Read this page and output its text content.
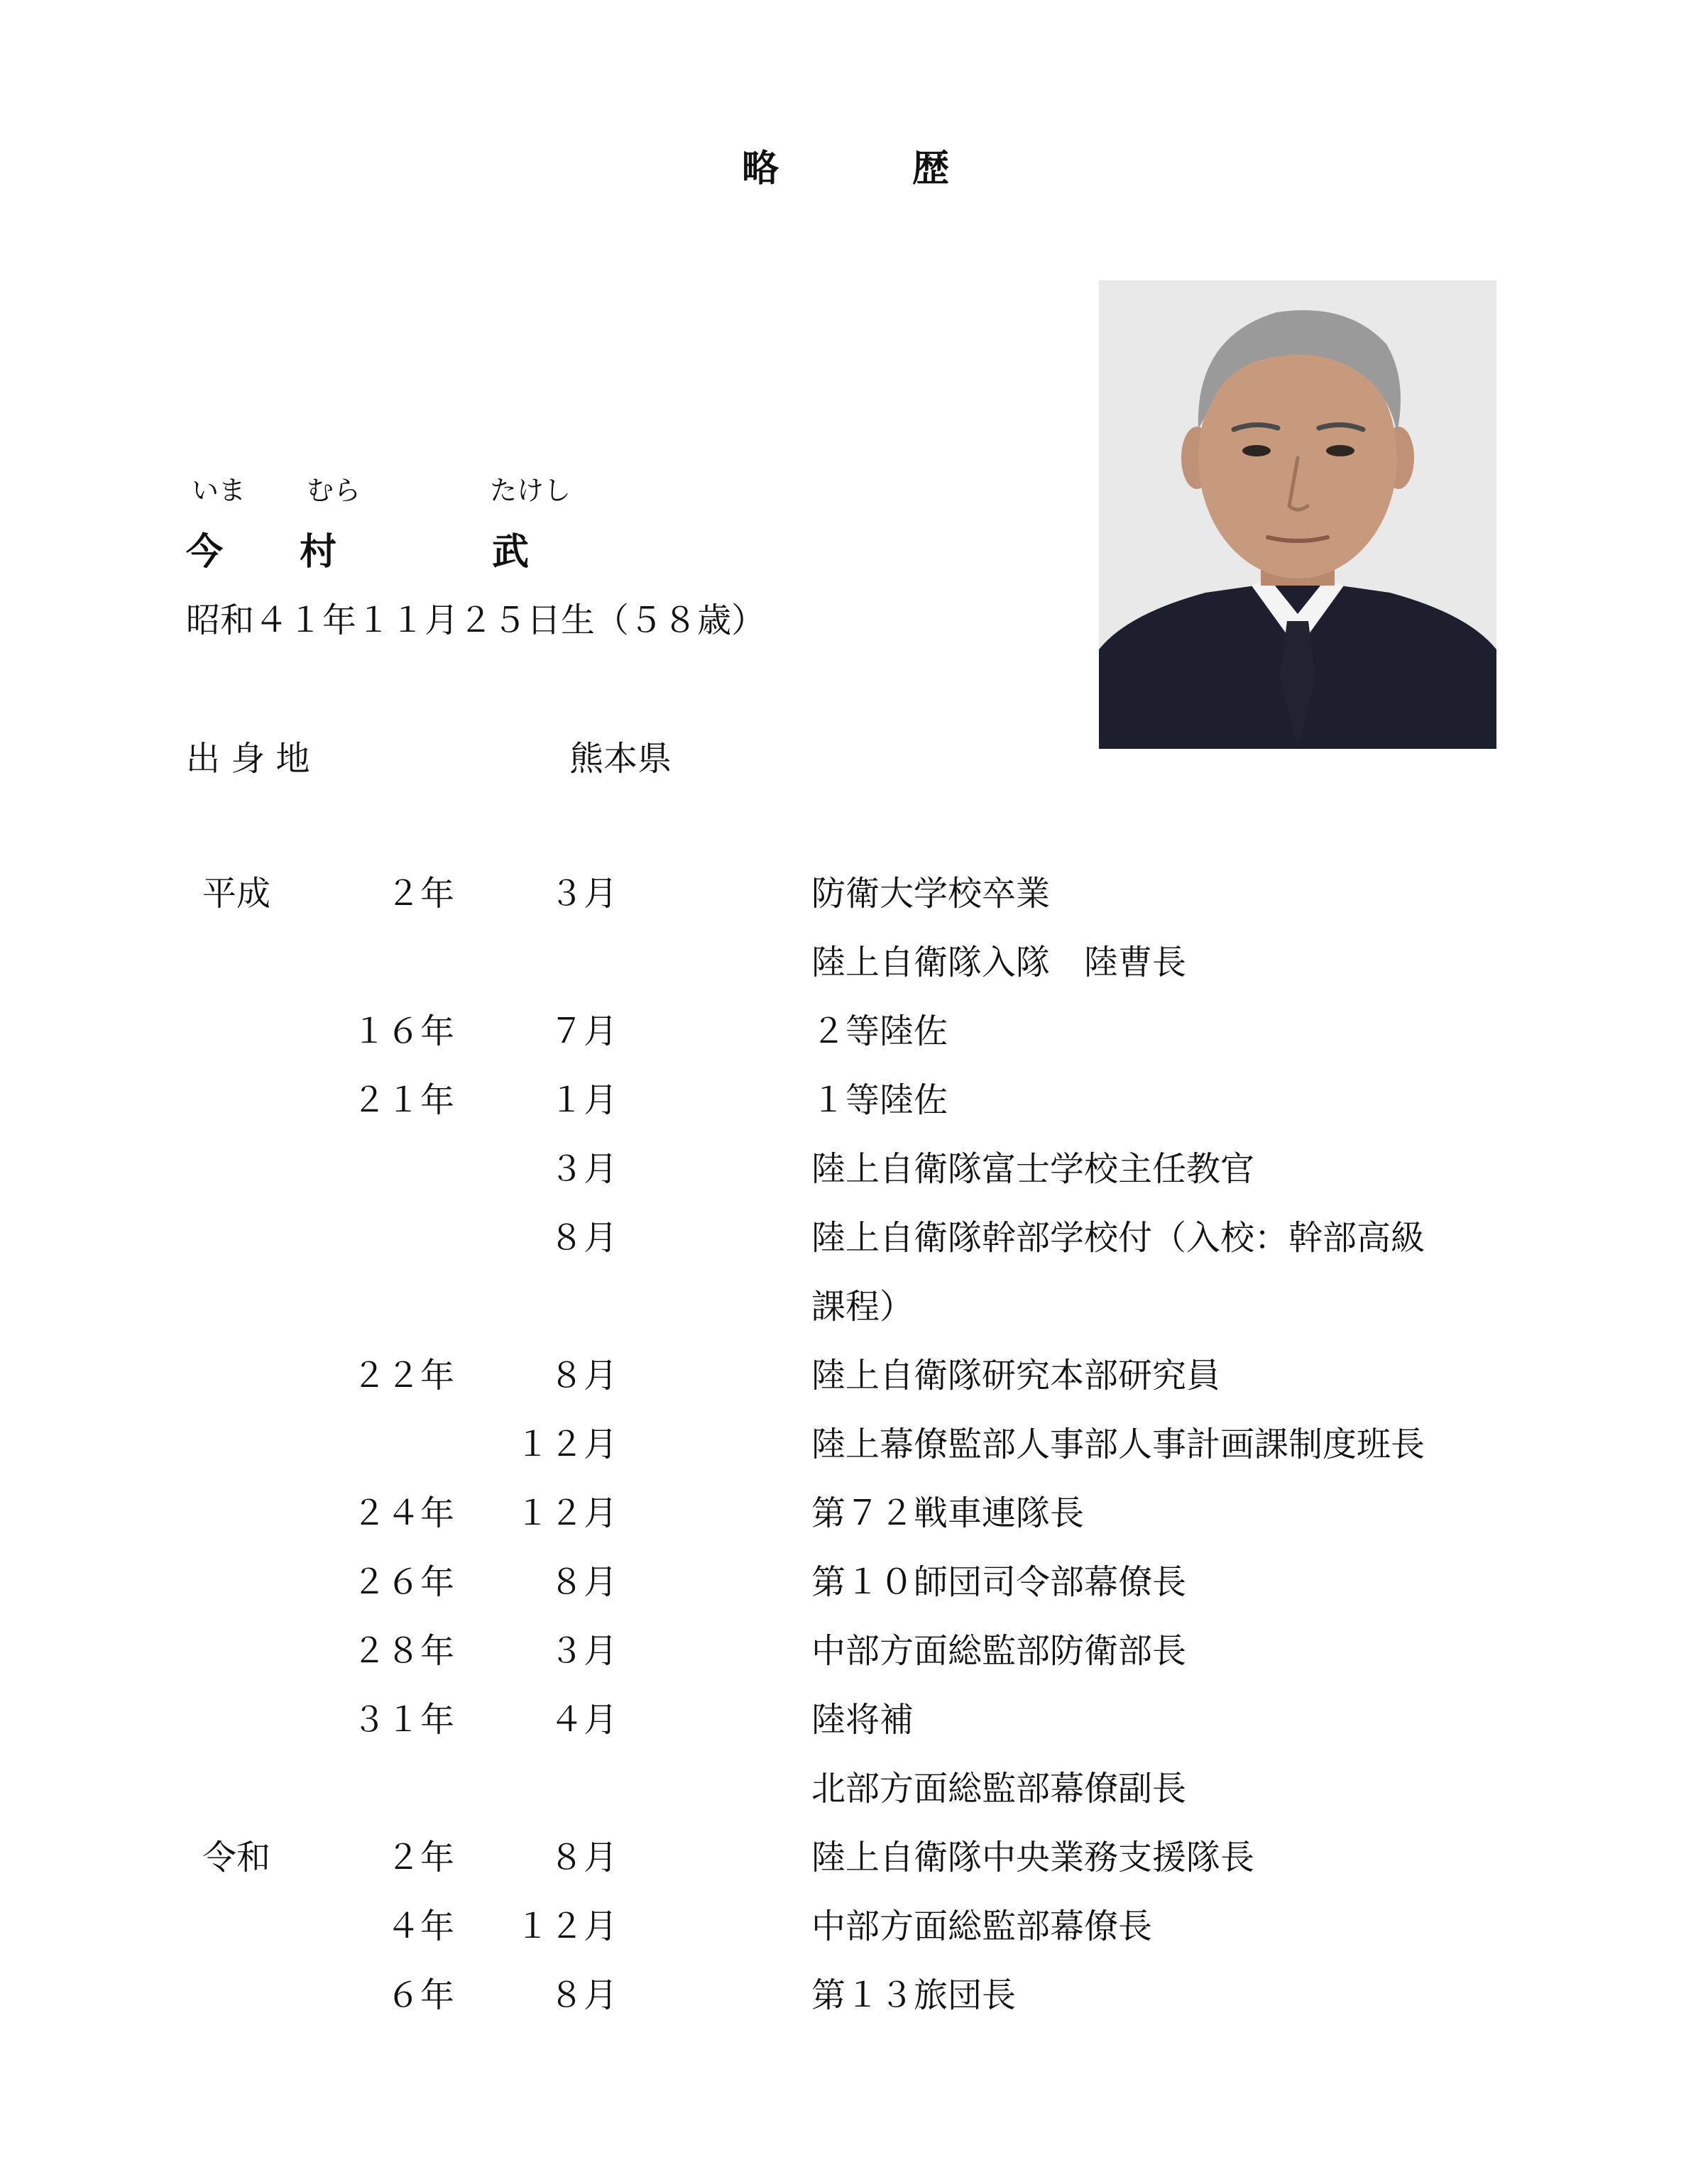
略	歴
いま むら	たけし
今 村	武
昭和４１年１１月２５日生（５８歳）
出 身 地	熊本県
平成	２年	３月	防衛大学校卒業
陸上自衛隊入隊　陸曹長
１６年	７月	２等陸佐
２１年	１月	１等陸佐
３月	陸上自衛隊富士学校主任教官
８月	陸上自衛隊幹部学校付（入校：幹部高級
課程）
２２年	８月	陸上自衛隊研究本部研究員
１２月	陸上幕僚監部人事部人事計画課制度班長
２４年	１２月	第７２戦車連隊長
２６年	８月	第１０師団司令部幕僚長
２８年	３月	中部方面総監部防衛部長
３１年	４月	陸将補
北部方面総監部幕僚副長
令和	２年	８月	陸上自衛隊中央業務支援隊長
４年	１２月	中部方面総監部幕僚長
６年	８月	第１３旅団長
